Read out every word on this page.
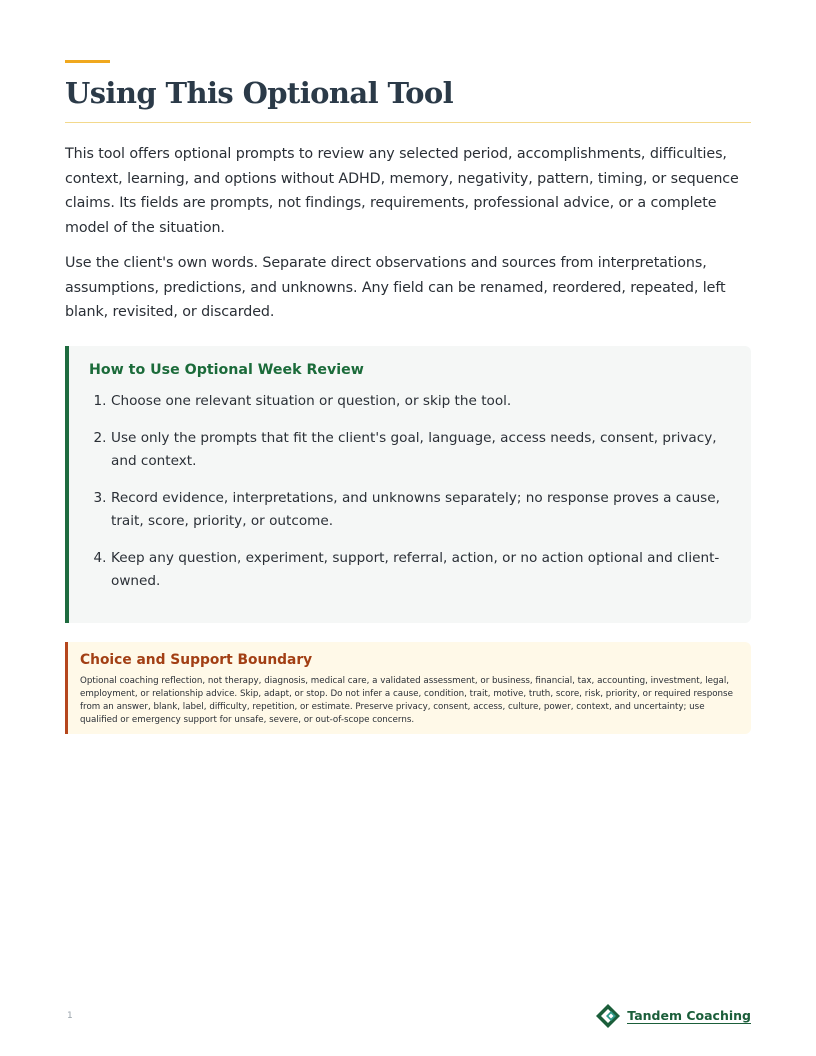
Using This Optional Tool

This tool offers optional prompts to review any selected period, accomplishments, difficulties, context, learning, and options without ADHD, memory, negativity, pattern, timing, or sequence claims. Its fields are prompts, not findings, requirements, professional advice, or a complete model of the situation.

Use the client's own words. Separate direct observations and sources from interpretations, assumptions, predictions, and unknowns. Any field can be renamed, reordered, repeated, left blank, revisited, or discarded.

How to Use Optional Week Review
1 . Choose one relevant situation or question, or skip the tool.
2 . Use only the prompts that fit the client's goal, language, access needs, consent, privacy, and context.
3 . Record evidence, interpretations, and unknowns separately; no response proves a cause, trait, score, priority, or outcome.
4 . Keep any question, experiment, support, referral, action, or no action optional and client-owned.
Choice and Support Boundary

Optional coaching reflection, not therapy, diagnosis, medical care, a validated assessment, or business, financial, tax, accounting, investment, legal, employment, or relationship advice. Skip, adapt, or stop. Do not infer a cause, condition, trait, motive, truth, score, risk, priority, or required response from an answer, blank, label, difficulty, repetition, or estimate. Preserve privacy, consent, access, culture, power, context, and uncertainty; use qualified or emergency support for unsafe, severe, or out-of-scope concerns.

1	Tandem Coaching
